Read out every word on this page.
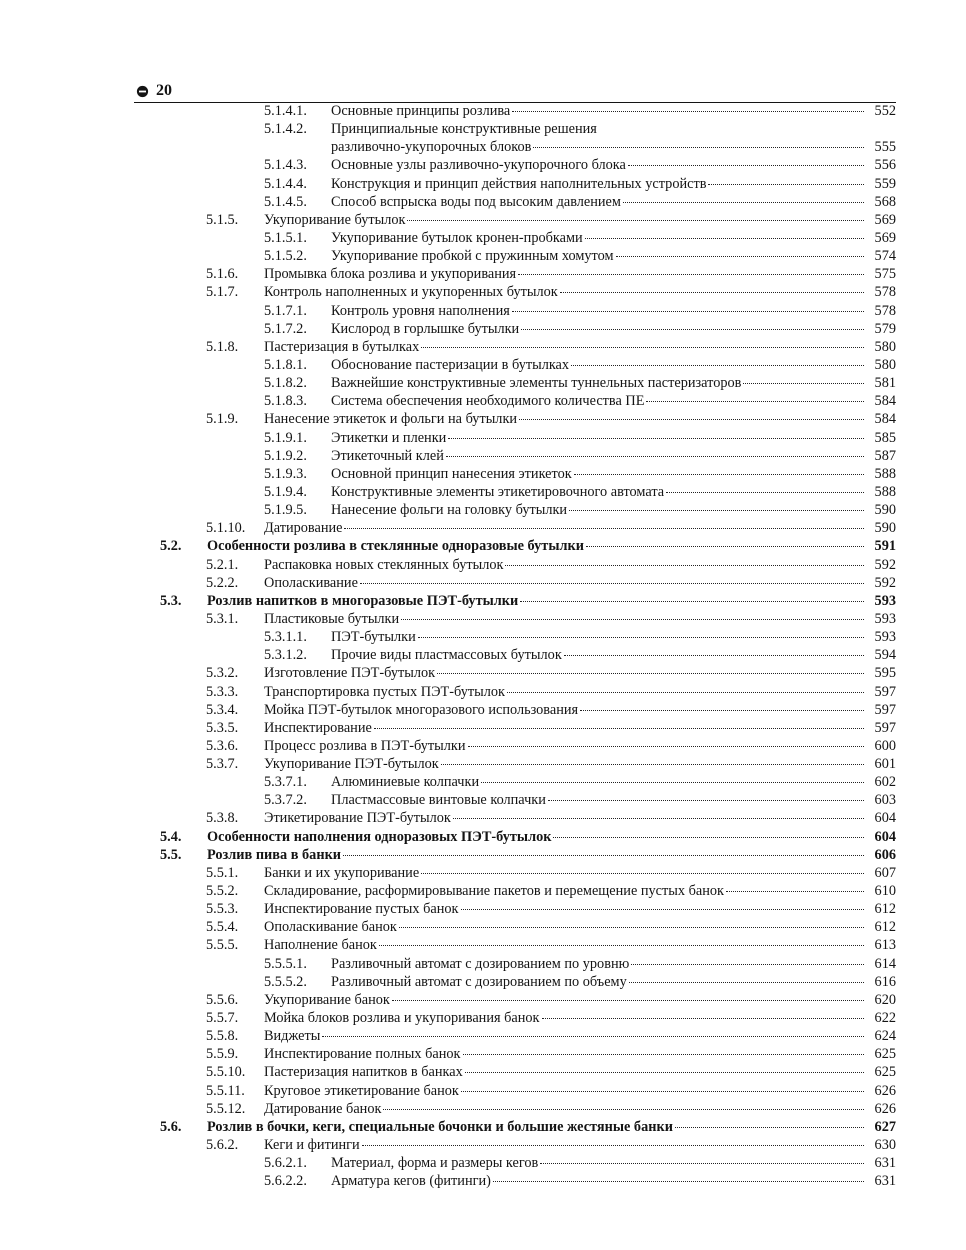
20
5.1.4.1. Основные принципы розлива	552
5.1.4.2. Принципиальные конструктивные решения
разливочно-укупорочных блоков	555
5.1.4.3. Основные узлы разливочно-укупорочного блока	556
5.1.4.4. Конструкция и принцип действия наполнительных устройств	559
5.1.4.5. Способ вспрыска воды под высоким давлением	568
5.1.5. Укупоривание бутылок	569
5.1.5.1. Укупоривание бутылок кронен-пробками	569
5.1.5.2. Укупоривание пробкой с пружинным хомутом	574
5.1.6. Промывка блока розлива и укупоривания	575
5.1.7. Контроль наполненных и укупоренных бутылок	578
5.1.7.1. Контроль уровня наполнения	578
5.1.7.2. Кислород в горлышке бутылки	579
5.1.8. Пастеризация в бутылках	580
5.1.8.1. Обоснование пастеризации в бутылках	580
5.1.8.2. Важнейшие конструктивные элементы туннельных пастеризаторов	581
5.1.8.3. Система обеспечения необходимого количества ПЕ	584
5.1.9. Нанесение этикеток и фольги на бутылки	584
5.1.9.1. Этикетки и пленки	585
5.1.9.2. Этикеточный клей	587
5.1.9.3. Основной принцип нанесения этикеток	588
5.1.9.4. Конструктивные элементы этикетировочного автомата	588
5.1.9.5. Нанесение фольги на головку бутылки	590
5.1.10. Датирование	590
5.2. Особенности розлива в стеклянные одноразовые бутылки	591
5.2.1. Распаковка новых стеклянных бутылок	592
5.2.2. Ополаскивание	592
5.3. Розлив напитков в многоразовые ПЭТ-бутылки	593
5.3.1. Пластиковые бутылки	593
5.3.1.1. ПЭТ-бутылки	593
5.3.1.2. Прочие виды пластмассовых бутылок	594
5.3.2. Изготовление ПЭТ-бутылок	595
5.3.3. Транспортировка пустых ПЭТ-бутылок	597
5.3.4. Мойка ПЭТ-бутылок многоразового использования	597
5.3.5. Инспектирование	597
5.3.6. Процесс розлива в ПЭТ-бутылки	600
5.3.7. Укупоривание ПЭТ-бутылок	601
5.3.7.1. Алюминиевые колпачки	602
5.3.7.2. Пластмассовые винтовые колпачки	603
5.3.8. Этикетирование ПЭТ-бутылок	604
5.4. Особенности наполнения одноразовых ПЭТ-бутылок	604
5.5. Розлив пива в банки	606
5.5.1. Банки и их укупоривание	607
5.5.2. Складирование, расформировывание пакетов и перемещение пустых банок	610
5.5.3. Инспектирование пустых банок	612
5.5.4. Ополаскивание банок	612
5.5.5. Наполнение банок	613
5.5.5.1. Разливочный автомат с дозированием по уровню	614
5.5.5.2. Разливочный автомат с дозированием по объему	616
5.5.6. Укупоривание банок	620
5.5.7. Мойка блоков розлива и укупоривания банок	622
5.5.8. Виджеты	624
5.5.9. Инспектирование полных банок	625
5.5.10. Пастеризация напитков в банках	625
5.5.11. Круговое этикетирование банок	626
5.5.12. Датирование банок	626
5.6. Розлив в бочки, кеги, специальные бочонки и большие жестяные банки	627
5.6.2. Кеги и фитинги	630
5.6.2.1. Материал, форма и размеры кегов	631
5.6.2.2. Арматура кегов (фитинги)	631
